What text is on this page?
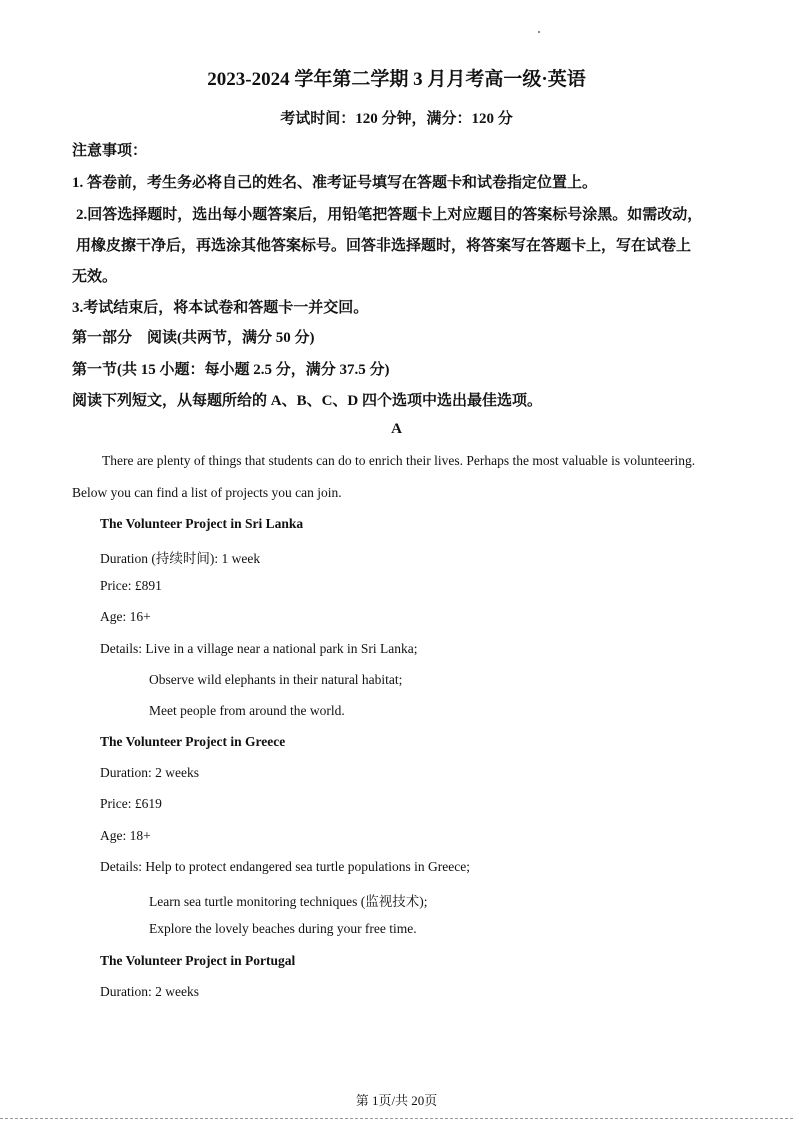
2023-2024 学年第二学期 3 月月考高一级·英语
考试时间：120 分钟，满分：120 分
注意事项：
1. 答卷前，考生务必将自己的姓名、准考证号填写在答题卡和试卷指定位置上。
2.回答选择题时，选出每小题答案后，用铅笔把答题卡上对应题目的答案标号涂黑。如需改动，
用橡皮擦干净后，再选涂其他答案标号。回答非选择题时，将答案写在答题卡上，写在试卷上
无效。
3.考试结束后，将本试卷和答题卡一并交回。
第一部分　阅读(共两节，满分 50 分)
第一节(共 15 小题：每小题 2.5 分，满分 37.5 分)
阅读下列短文，从每题所给的 A、B、C、D 四个选项中选出最佳选项。
A
There are plenty of things that students can do to enrich their lives. Perhaps the most valuable is volunteering.
Below you can find a list of projects you can join.
The Volunteer Project in Sri Lanka
Duration (持续时间): 1 week
Price: £891
Age: 16+
Details: Live in a village near a national park in Sri Lanka;
Observe wild elephants in their natural habitat;
Meet people from around the world.
The Volunteer Project in Greece
Duration: 2 weeks
Price: £619
Age: 18+
Details: Help to protect endangered sea turtle populations in Greece;
Learn sea turtle monitoring techniques (监视技术);
Explore the lovely beaches during your free time.
The Volunteer Project in Portugal
Duration: 2 weeks
第 1页/共 20页
